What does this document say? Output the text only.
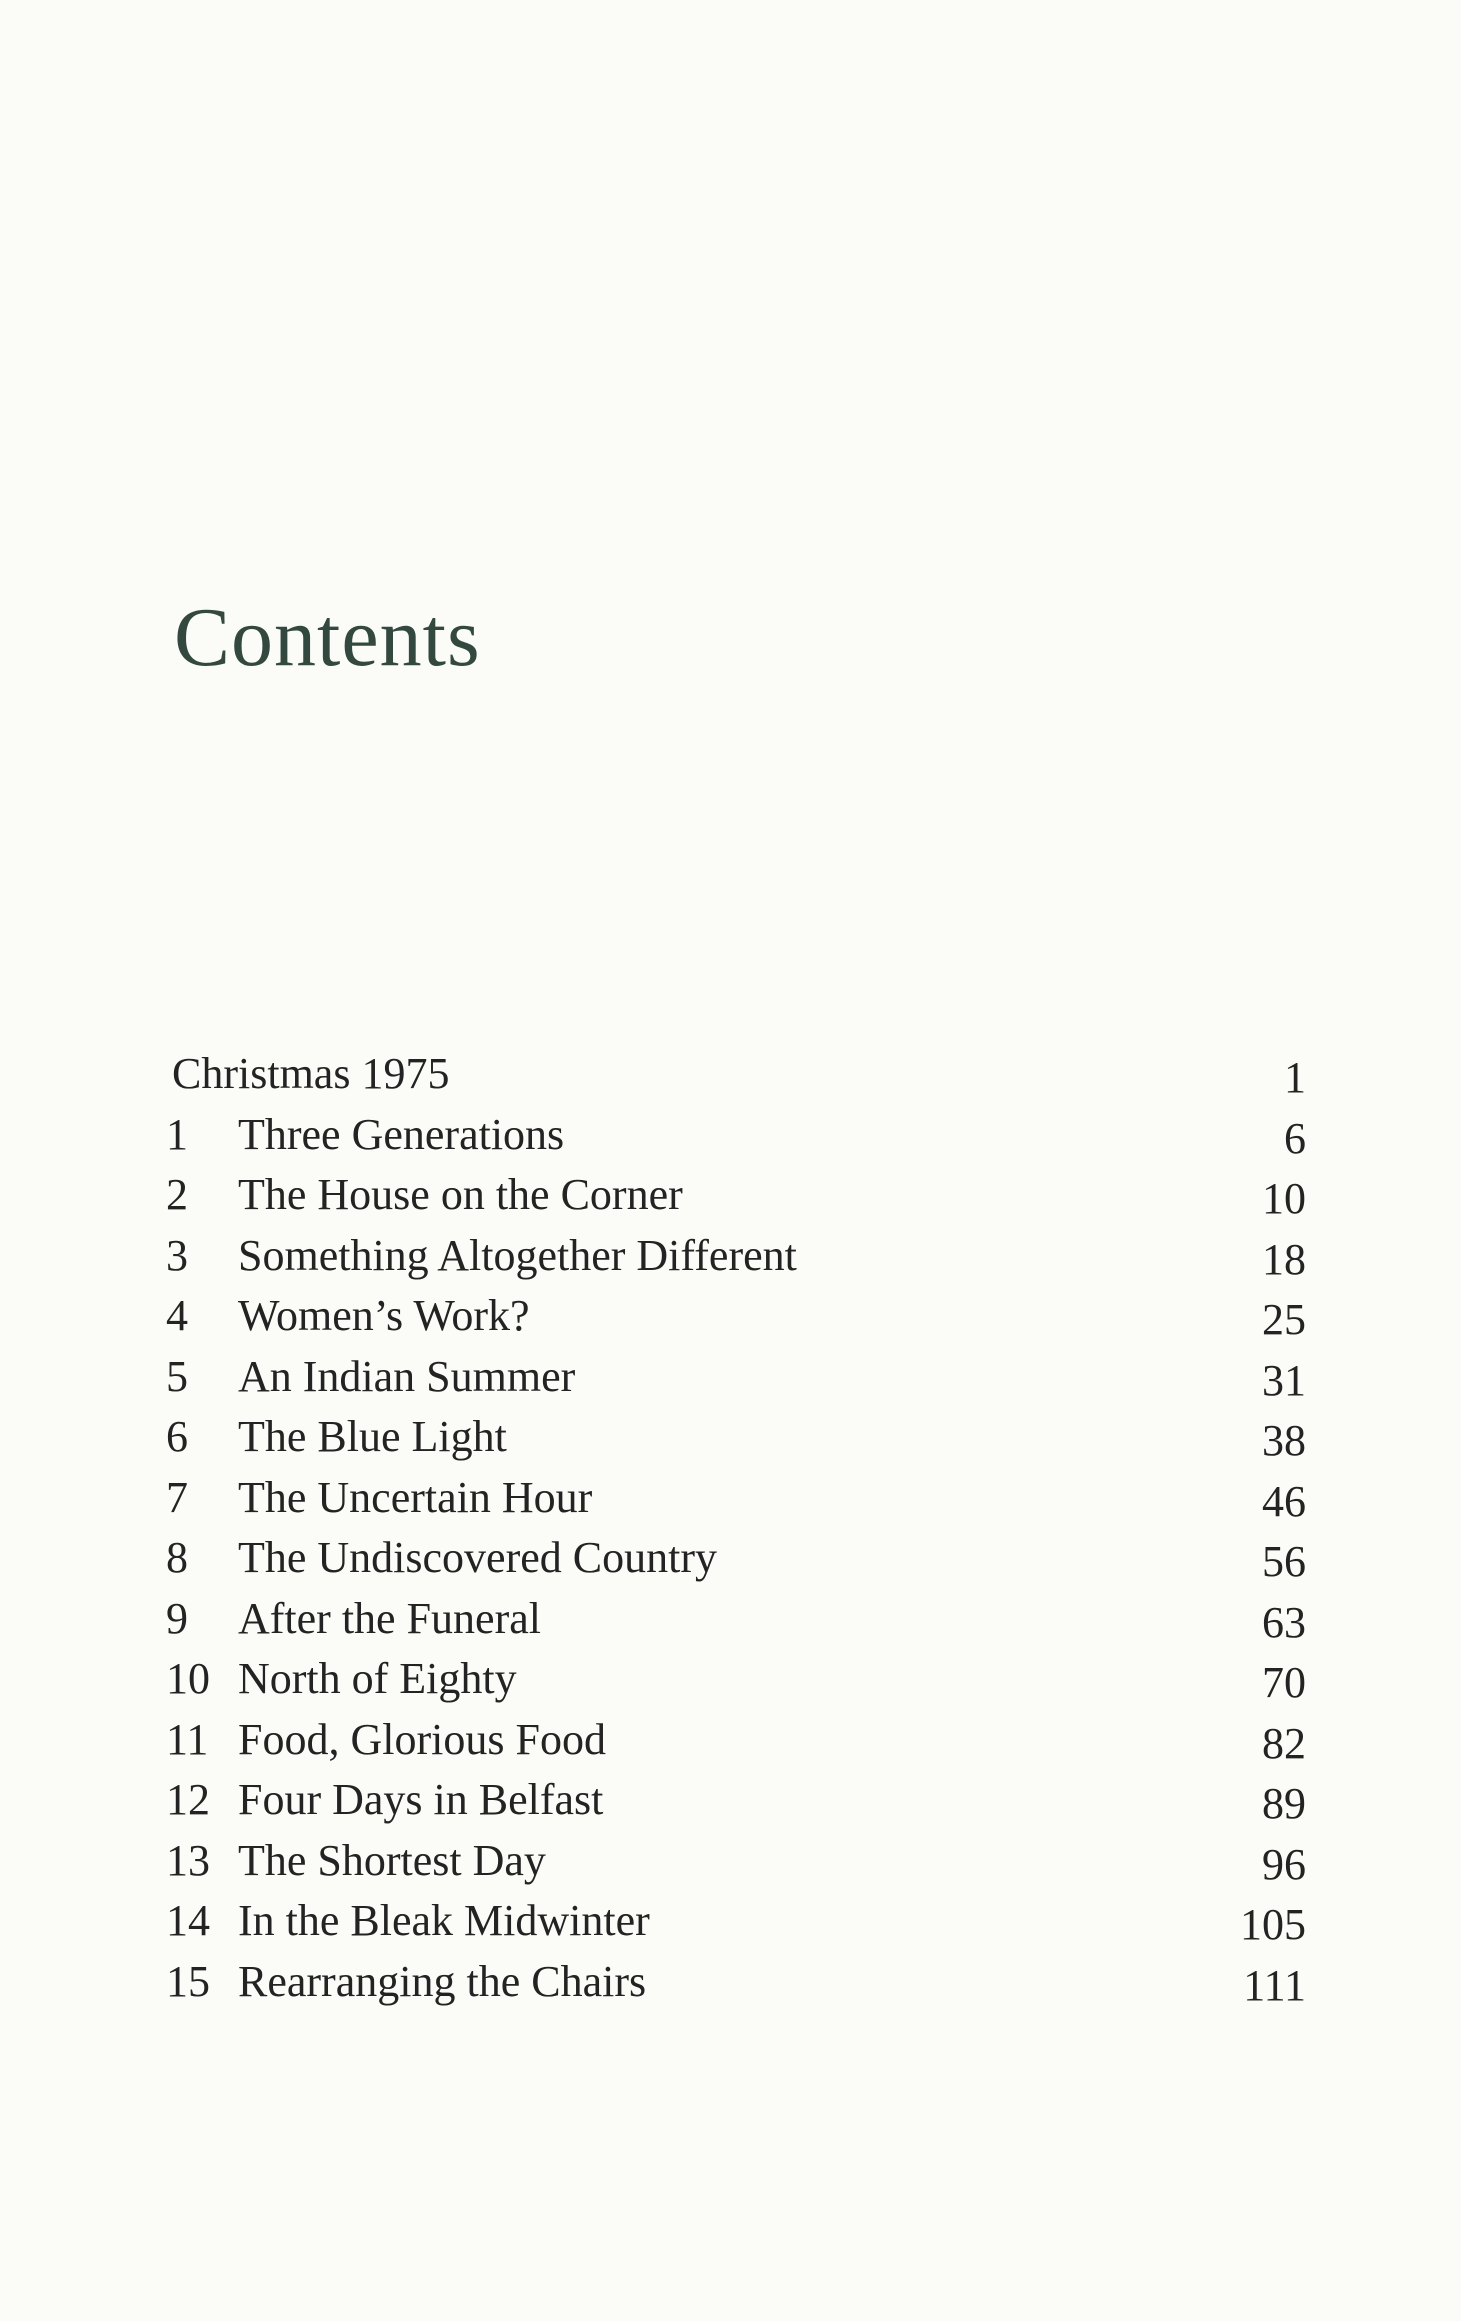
Contents
Christmas 1975	1
1	Three Generations	6
2	The House on the Corner	10
3	Something Altogether Different	18
4	Women’s Work?	25
5	An Indian Summer	31
6	The Blue Light	38
7	The Uncertain Hour	46
8	The Undiscovered Country	56
9	After the Funeral	63
10 North of Eighty	70
11 Food, Glorious Food	82
12 Four Days in Belfast	89
13 The Shortest Day	96
14 In the Bleak Midwinter	105
15 Rearranging the Chairs	111
